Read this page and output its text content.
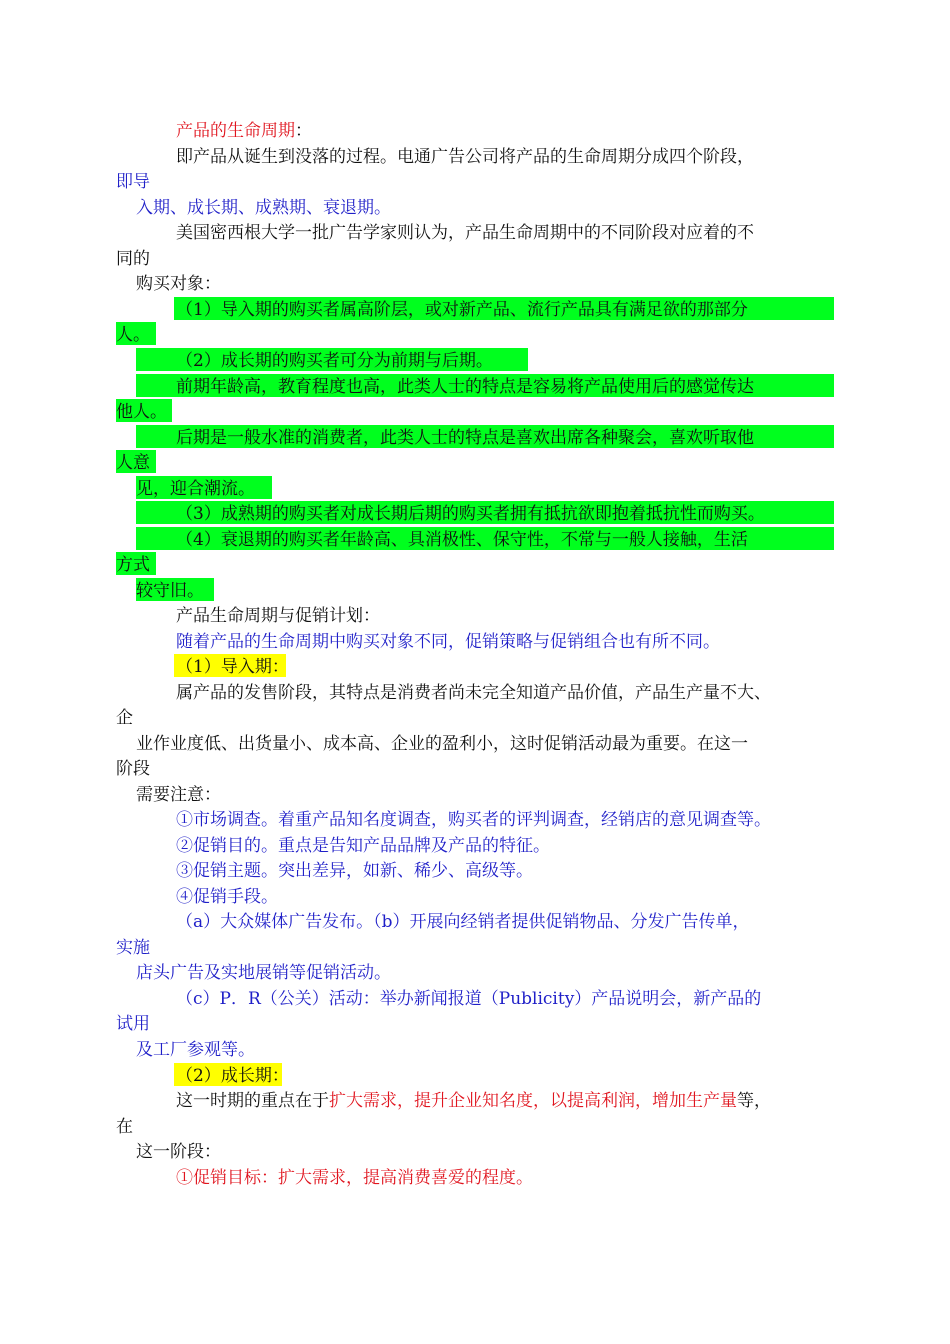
产品的生命周期：
即产品从诞生到没落的过程。电通广告公司将产品的生命周期分成四个阶段，
即导
入期、成长期、成熟期、衰退期。
美国密西根大学一批广告学家则认为，产品生命周期中的不同阶段对应着的不
同的
购买对象：
（1）导入期的购买者属高阶层，或对新产品、流行产品具有满足欲的那部分
人。
（2）成长期的购买者可分为前期与后期。
前期年龄高，教育程度也高，此类人士的特点是容易将产品使用后的感觉传达
他人。
后期是一般水准的消费者，此类人士的特点是喜欢出席各种聚会，喜欢听取他
人意
见，迎合潮流。
（3）成熟期的购买者对成长期后期的购买者拥有抵抗欲即抱着抵抗性而购买。
（4）衰退期的购买者年龄高、具消极性、保守性，不常与一般人接触，生活
方式
较守旧。
产品生命周期与促销计划：
随着产品的生命周期中购买对象不同，促销策略与促销组合也有所不同。
（1）导入期：
属产品的发售阶段，其特点是消费者尚未完全知道产品价值，产品生产量不大、
企
业作业度低、出货量小、成本高、企业的盈利小，这时促销活动最为重要。在这一
阶段
需要注意：
①市场调查。着重产品知名度调查，购买者的评判调查，经销店的意见调查等。
②促销目的。重点是告知产品品牌及产品的特征。
③促销主题。突出差异，如新、稀少、高级等。
④促销手段。
（a）大众媒体广告发布。（b）开展向经销者提供促销物品、分发广告传单，
实施
店头广告及实地展销等促销活动。
（c）P．R（公关）活动：举办新闻报道（Publicity）产品说明会，新产品的
试用
及工厂参观等。
（2）成长期：
这一时期的重点在于扩大需求，提升企业知名度，以提高利润，增加生产量等，
在
这一阶段：
①促销目标：扩大需求，提高消费喜爱的程度。
